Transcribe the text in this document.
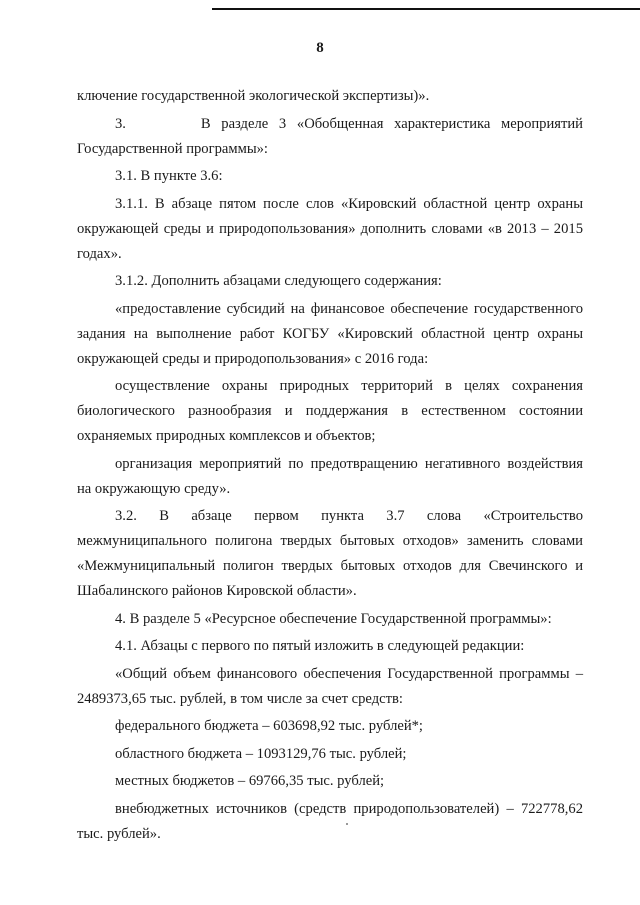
8

ключение государственной экологической экспертизы)».

3.       В разделе 3 «Обобщенная характеристика мероприятий Государственной программы»:

3.1. В пункте 3.6:

3.1.1. В абзаце пятом после слов «Кировский областной центр охраны окружающей среды и природопользования» дополнить словами «в 2013 – 2015 годах».

3.1.2. Дополнить абзацами следующего содержания:

«предоставление субсидий на финансовое обеспечение государственного задания на выполнение работ КОГБУ «Кировский областной центр охраны окружающей среды и природопользования» с 2016 года:

осуществление охраны природных территорий в целях сохранения биологического разнообразия и поддержания в естественном состоянии охраняемых природных комплексов и объектов;

организация мероприятий по предотвращению негативного воздействия на окружающую среду».

3.2. В абзаце первом пункта 3.7 слова «Строительство межмуниципального полигона твердых бытовых отходов» заменить словами «Межмуниципальный полигон твердых бытовых отходов для Свечинского и Шабалинского районов Кировской области».

4. В разделе 5 «Ресурсное обеспечение Государственной программы»:

4.1. Абзацы с первого по пятый изложить в следующей редакции:

«Общий объем финансового обеспечения Государственной программы – 2489373,65 тыс. рублей, в том числе за счет средств:

федерального бюджета – 603698,92 тыс. рублей*;

областного бюджета – 1093129,76 тыс. рублей;

местных бюджетов – 69766,35 тыс. рублей;

внебюджетных источников (средств природопользователей) – 722778,62 тыс. рублей».
